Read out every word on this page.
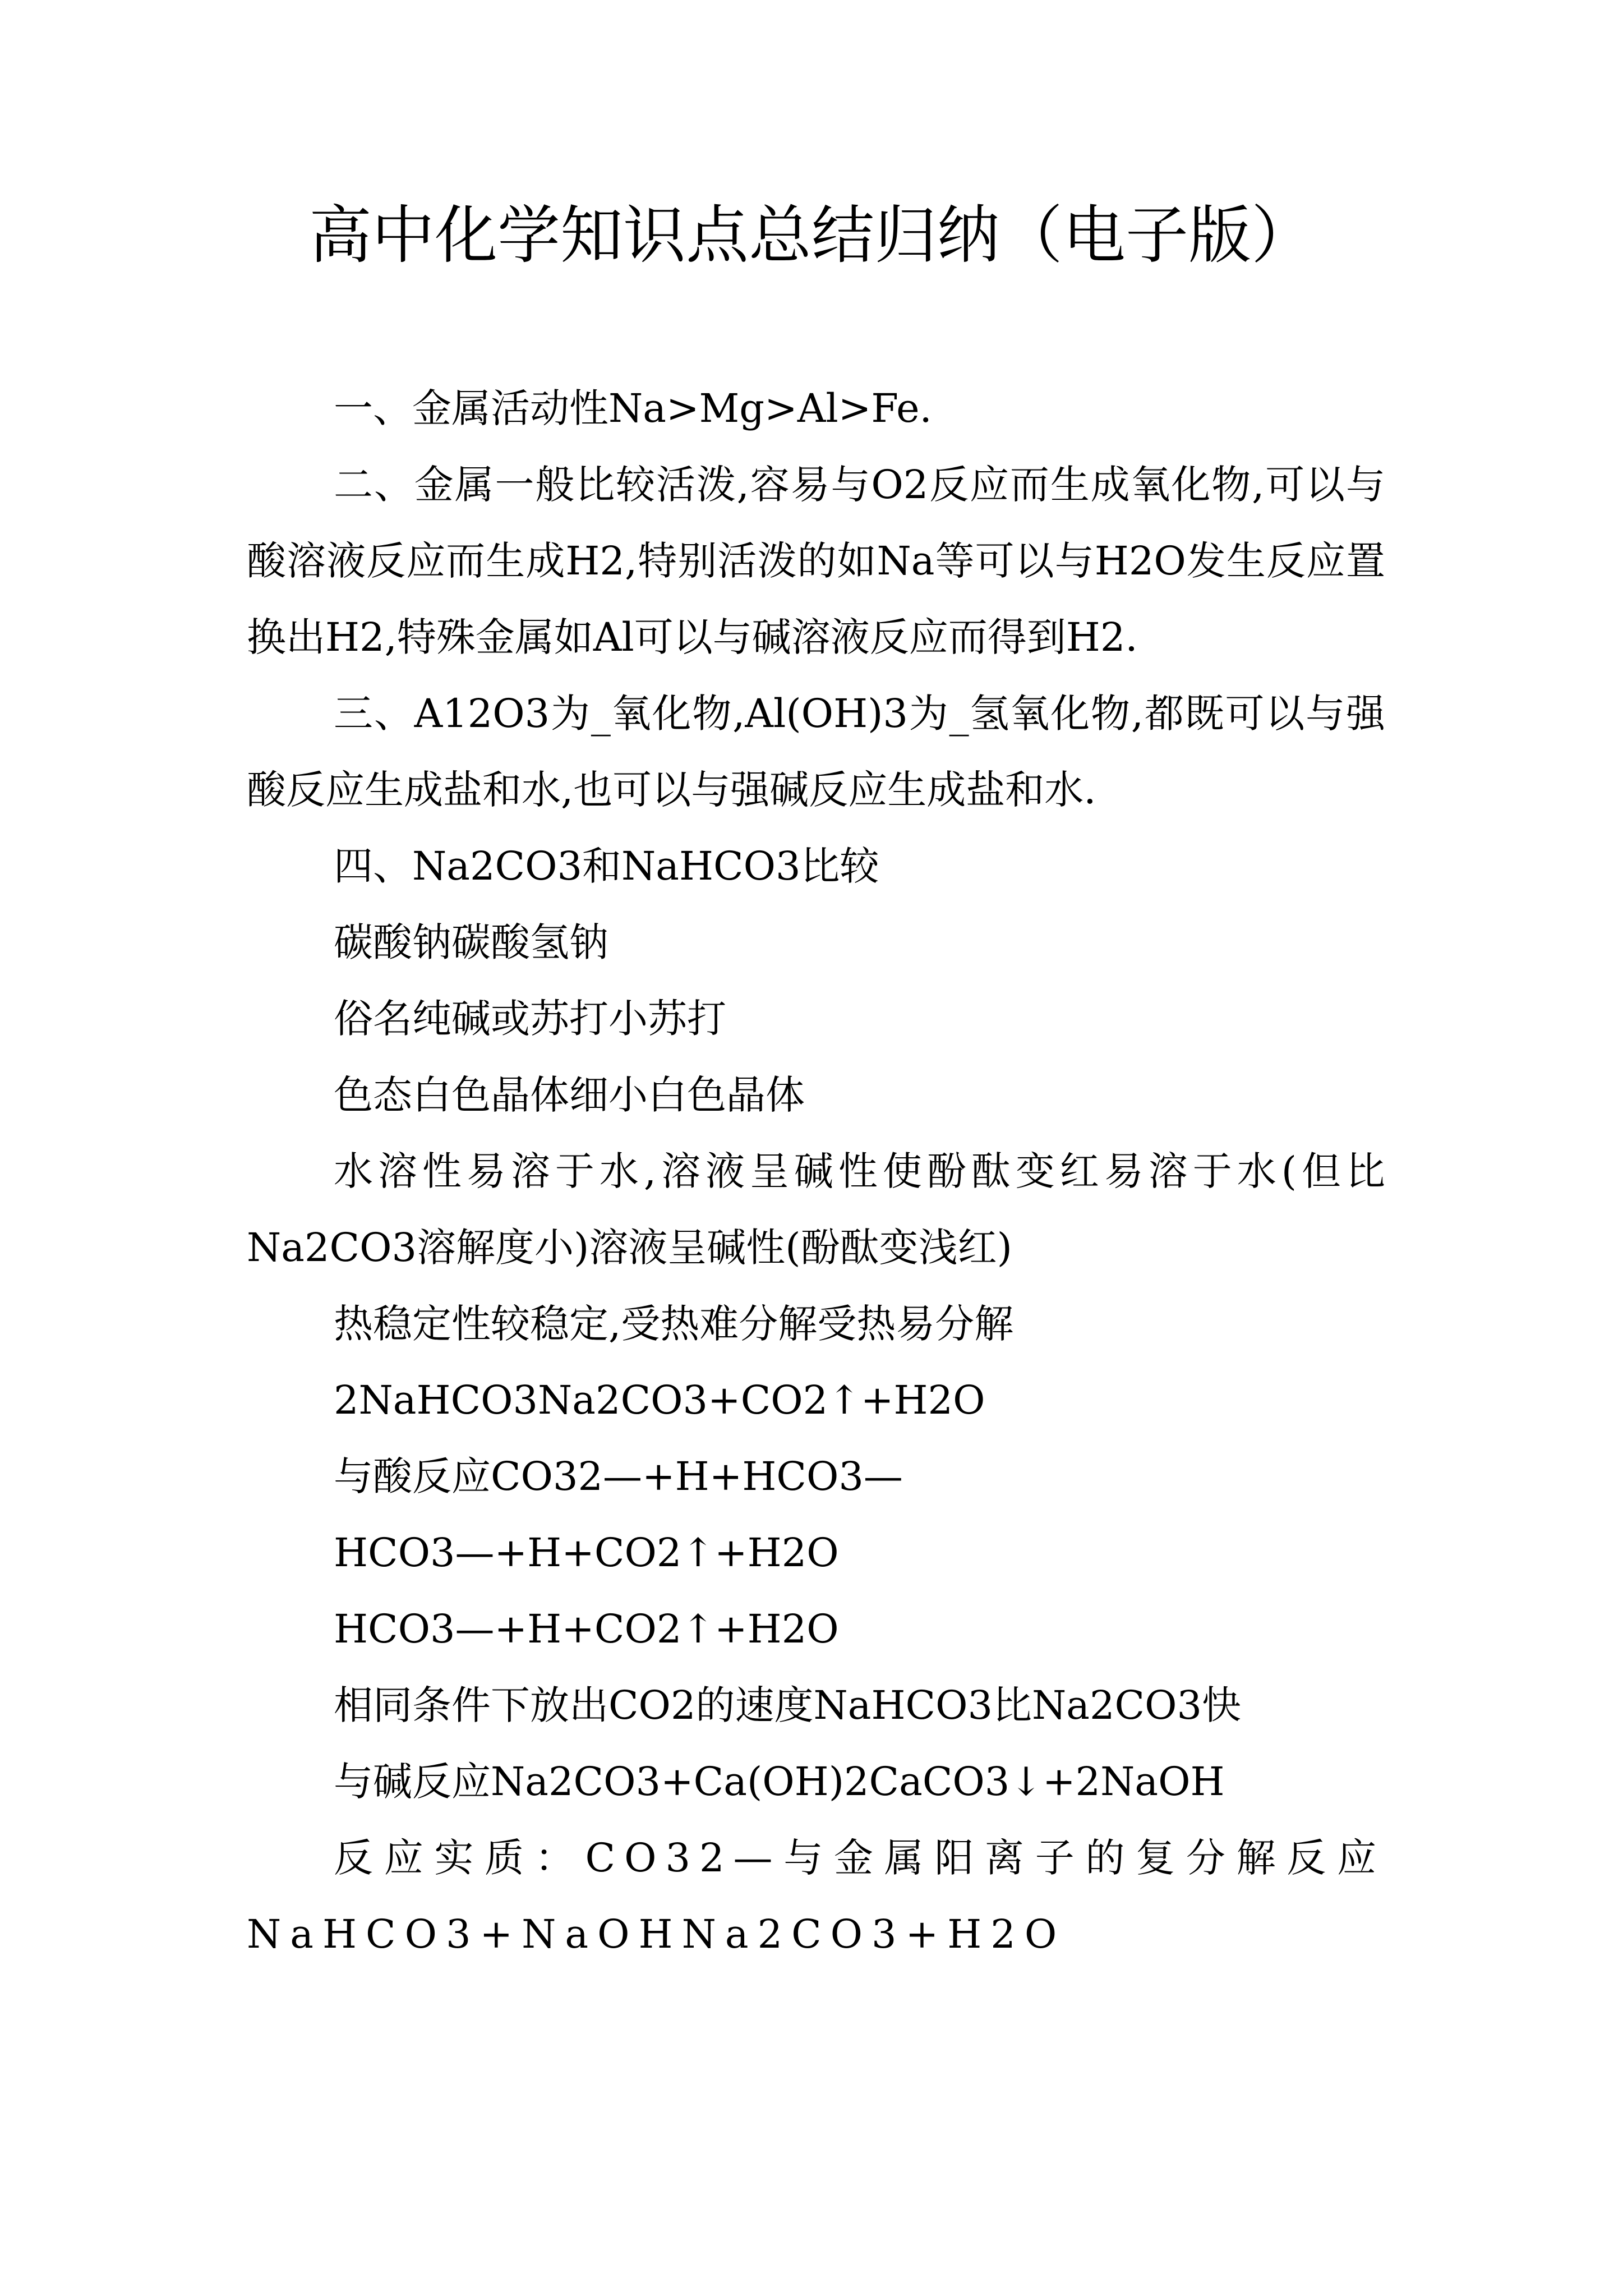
高中化学知识点总结归纳（电子版）

一、金属活动性Na>Mg>Al>Fe.

二、金属一般比较活泼,容易与O2反应而生成氧化物,可以与酸溶液反应而生成H2,特别活泼的如Na等可以与H2O发生反应置换出H2,特殊金属如Al可以与碱溶液反应而得到H2.

三、A12O3为_氧化物,Al(OH)3为_氢氧化物,都既可以与强酸反应生成盐和水,也可以与强碱反应生成盐和水.

四、Na2CO3和NaHCO3比较

碳酸钠碳酸氢钠

俗名纯碱或苏打小苏打

色态白色晶体细小白色晶体

水溶性易溶于水,溶液呈碱性使酚酞变红易溶于水(但比Na2CO3溶解度小)溶液呈碱性(酚酞变浅红)

热稳定性较稳定,受热难分解受热易分解

2NaHCO3Na2CO3+CO2↑+H2O

与酸反应CO32—+H+HCO3—

HCO3—+H+CO2↑+H2O

HCO3—+H+CO2↑+H2O

相同条件下放出CO2的速度NaHCO3比Na2CO3快

与碱反应Na2CO3+Ca(OH)2CaCO3↓+2NaOH

反应实质：CO32—与金属阳离子的复分解反应NaHCO3+NaOHNa2CO3+H2O
